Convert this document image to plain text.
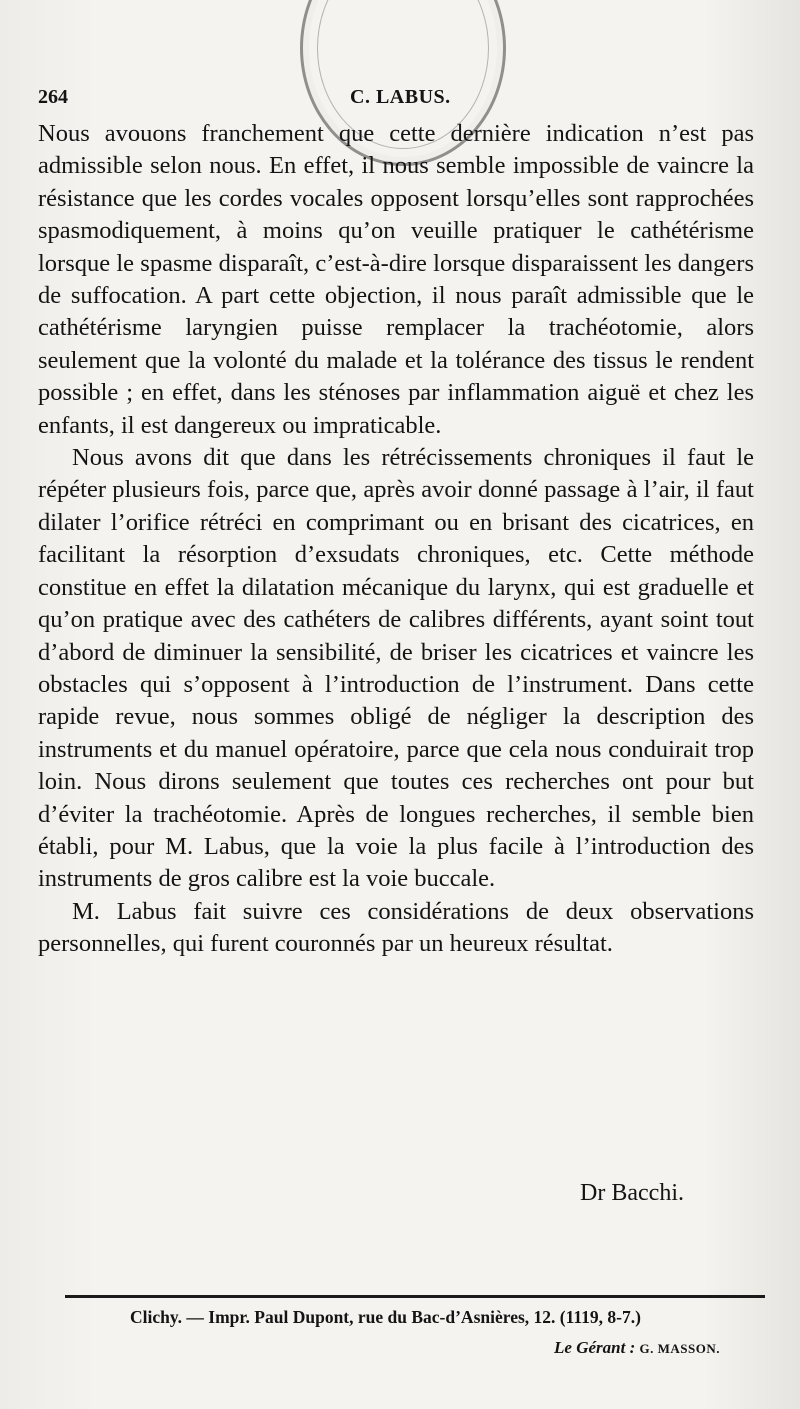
264	C. LABUS.

Nous avouons franchement que cette dernière indication n’est pas admissible selon nous. En effet, il nous semble impossible de vaincre la résistance que les cordes vocales opposent lorsqu’elles sont rapprochées spasmodiquement, à moins qu’on veuille pratiquer le cathétérisme lorsque le spasme disparaît, c’est-à-dire lorsque disparaissent les dangers de suffocation. A part cette objection, il nous paraît admissible que le cathétérisme laryngien puisse remplacer la trachéotomie, alors seulement que la volonté du malade et la tolérance des tissus le rendent possible ; en effet, dans les sténoses par inflammation aiguë et chez les enfants, il est dangereux ou impraticable.

Nous avons dit que dans les rétrécissements chroniques il faut le répéter plusieurs fois, parce que, après avoir donné passage à l’air, il faut dilater l’orifice rétréci en comprimant ou en brisant des cicatrices, en facilitant la résorption d’exsudats chroniques, etc. Cette méthode constitue en effet la dilatation mécanique du larynx, qui est graduelle et qu’on pratique avec des cathéters de calibres différents, ayant soint tout d’abord de diminuer la sensibilité, de briser les cicatrices et vaincre les obstacles qui s’opposent à l’introduction de l’instrument. Dans cette rapide revue, nous sommes obligé de négliger la description des instruments et du manuel opératoire, parce que cela nous conduirait trop loin. Nous dirons seulement que toutes ces recherches ont pour but d’éviter la trachéotomie. Après de longues recherches, il semble bien établi, pour M. Labus, que la voie la plus facile à l’introduction des instruments de gros calibre est la voie buccale.

M. Labus fait suivre ces considérations de deux observations personnelles, qui furent couronnés par un heureux résultat.

Dr Bacchi.
Clichy. — Impr. Paul Dupont, rue du Bac-d’Asnières, 12. (1119, 8-7.)
Le Gérant : G. MASSON.
